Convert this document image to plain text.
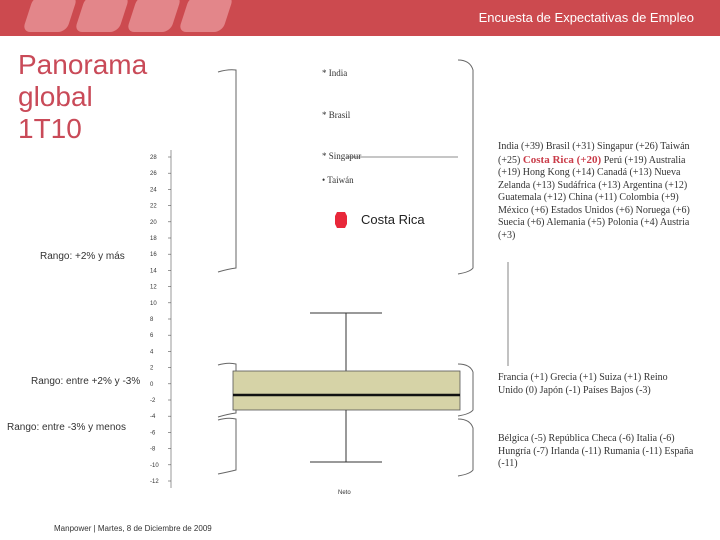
Encuesta de Expectativas de Empleo
Panorama
global
1T10
Rango: +2% y más
Rango: entre +2% y -3%
Rango: entre -3% y menos
28
26
24
22
20
18
16
14
12
10
8
6
4
2
0
-2
-4
-6
-8
-10
-12
Neto
* India
* Brasil
* Singapur
• Taiwán
Costa Rica
India (+39) Brasil (+31) Singapur (+26) Taiwán (+25) Costa Rica (+20) Perú (+19) Australia (+19) Hong Kong (+14) Canadá (+13) Nueva Zelanda (+13) Sudáfrica (+13) Argentina (+12) Guatemala (+12) China (+11) Colombia (+9) México (+6) Estados Unidos (+6) Noruega (+6) Suecia (+6) Alemania (+5) Polonia (+4) Austria (+3)
Francia (+1) Grecia (+1) Suiza (+1) Reino Unido (0) Japón (-1) Países Bajos (-3)
Bélgica (-5) República Checa (-6) Italia (-6) Hungría (-7) Irlanda (-11) Rumania (-11) España (-11)
Manpower | Martes, 8 de Diciembre de 2009
